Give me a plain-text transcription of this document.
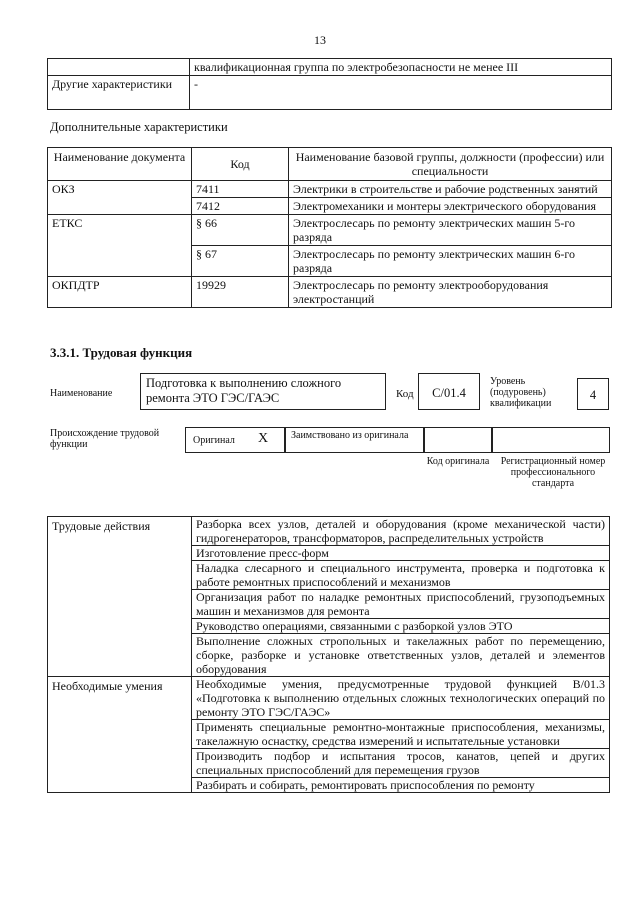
13
	квалификационная группа по электробезопасности не менее III
Другие характеристики	-
Дополнительные характеристики
Наименование документа	Код	Наименование базовой группы, должности (профессии) или специальности
ОКЗ	7411	Электрики в строительстве и рабочие родственных занятий
	7412	Электромеханики и монтеры электрического оборудования
ЕТКС	§ 66	Электрослесарь по ремонту электрических машин 5-го разряда
	§ 67	Электрослесарь по ремонту электрических машин 6-го разряда
ОКПДТР	19929	Электрослесарь по ремонту электрооборудования электростанций
3.3.1. Трудовая функция
Наименование
Подготовка к выполнению сложного ремонта ЭТО ГЭС/ГАЭС	Код	C/01.4
Уровень (подуровень) квалификации
4
Происхождение трудовой функции	Оригинал X Заимствовано из оригинала
Код оригинала	Регистрационный номер профессионального стандарта
Трудовые действия	Разборка всех узлов, деталей и оборудования (кроме механической части) гидрогенераторов, трансформаторов, распределительных устройств
	Изготовление пресс-форм
	Наладка слесарного и специального инструмента, проверка и подготовка к работе ремонтных приспособлений и механизмов
	Организация работ по наладке ремонтных приспособлений, грузоподъемных машин и механизмов для ремонта
	Руководство операциями, связанными с разборкой узлов ЭТО
	Выполнение сложных стропольных и такелажных работ по перемещению, сборке, разборке и установке ответственных узлов, деталей и элементов оборудования
Необходимые умения	Необходимые умения, предусмотренные трудовой функцией B/01.3 «Подготовка к выполнению отдельных сложных технологических операций по ремонту ЭТО ГЭС/ГАЭС»
	Применять специальные ремонтно-монтажные приспособления, механизмы, такелажную оснастку, средства измерений и испытательные установки
	Производить подбор и испытания тросов, канатов, цепей и других специальных приспособлений для перемещения грузов
	Разбирать и собирать, ремонтировать приспособления по ремонту
